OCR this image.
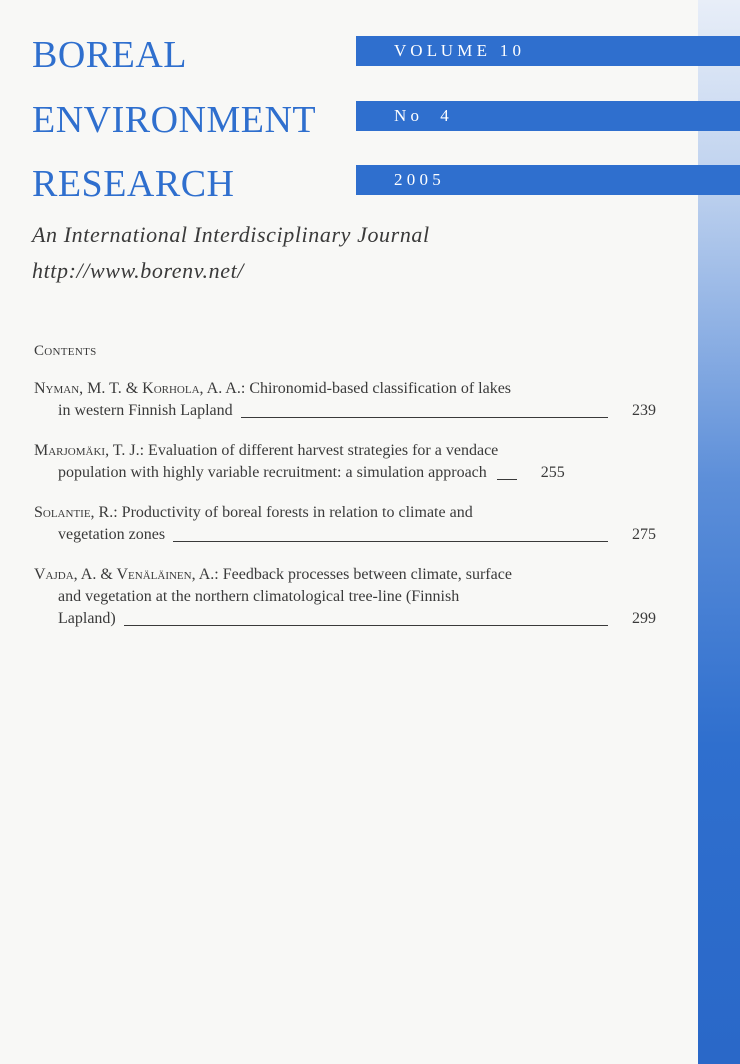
BOREAL
ENVIRONMENT
RESEARCH
V O L U M E   1 0
N o     4
2 0 0 5

An International Interdisciplinary Journal

http://www.borenv.net/

Contents
Nyman, M. T. & Korhola, A. A.: Chironomid-based classification of lakes
in western Finnish Lapland	239
Marjomäki, T. J.: Evaluation of different harvest strategies for a vendace
population with highly variable recruitment: a simulation approach	255
Solantie, R.: Productivity of boreal forests in relation to climate and
vegetation zones	275
Vajda, A. & Venäläinen, A.: Feedback processes between climate, surface
and vegetation at the northern climatological tree-line (Finnish
Lapland)	299
